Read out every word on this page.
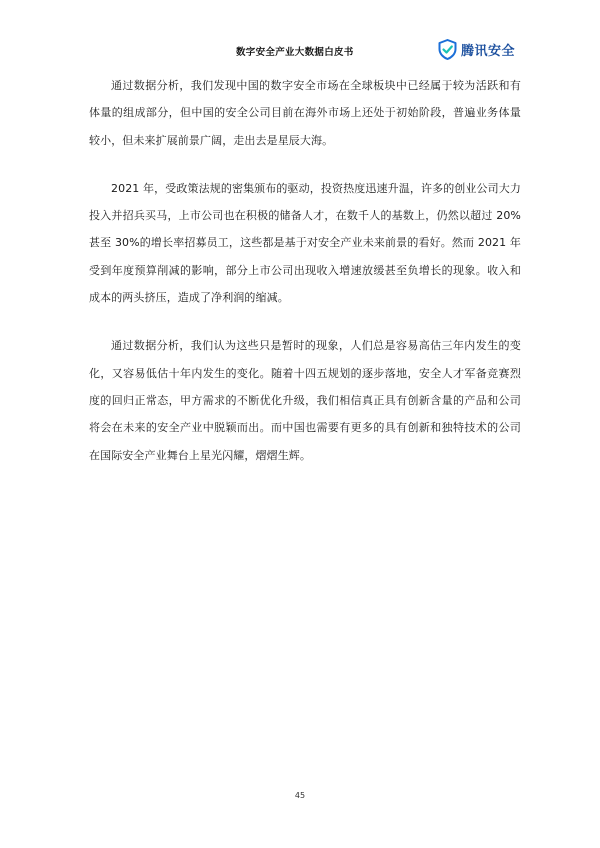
数字安全产业大数据白皮书	腾讯安全

通过数据分析，我们发现中国的数字安全市场在全球板块中已经属于较为活跃和有体量的组成部分，但中国的安全公司目前在海外市场上还处于初始阶段，普遍业务体量较小，但未来扩展前景广阔，走出去是星辰大海。

2021 年，受政策法规的密集颁布的驱动，投资热度迅速升温，许多的创业公司大力投入并招兵买马，上市公司也在积极的储备人才，在数千人的基数上，仍然以超过 20%甚至 30%的增长率招募员工，这些都是基于对安全产业未来前景的看好。然而 2021 年受到年度预算削减的影响，部分上市公司出现收入增速放缓甚至负增长的现象。收入和成本的两头挤压，造成了净利润的缩减。

通过数据分析，我们认为这些只是暂时的现象，人们总是容易高估三年内发生的变化，又容易低估十年内发生的变化。随着十四五规划的逐步落地，安全人才军备竞赛烈度的回归正常态，甲方需求的不断优化升级，我们相信真正具有创新含量的产品和公司将会在未来的安全产业中脱颖而出。而中国也需要有更多的具有创新和独特技术的公司在国际安全产业舞台上星光闪耀，熠熠生辉。

45
